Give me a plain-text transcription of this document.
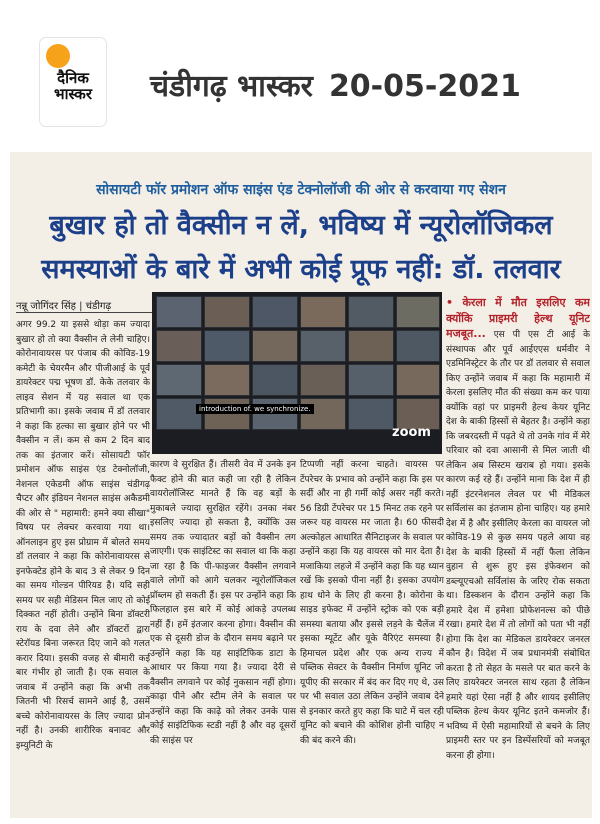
दैनिक भास्कर	चंडीगढ़ भास्कर 20-05-2021
सोसायटी फॉर प्रमोशन ऑफ साइंस एंड टेक्नोलॉजी की ओर से करवाया गए सेशन
बुखार हो तो वैक्सीन न लें, भविष्य में न्यूरोलॉजिकल
समस्याओं के बारे में अभी कोई प्रूफ नहीं: डॉ. तलवार
नन्नू जोगिंदर सिंह | चंडीगढ़
introduction of. we synchronize.
zoom
अगर 99.2 या इससे थोड़ा कम ज्यादा बुखार हो तो क्या वैक्सीन ले लेनी चाहिए। कोरोनावायरस पर पंजाब की कोविड-19 कमेटी के चेयरमैन और पीजीआई के पूर्व डायरेक्टर पद्म भूषण डॉ. केके तलवार के लाइव सेशन में यह सवाल था एक प्रतिभागी का। इसके जवाब में डॉ तलवार ने कहा कि हल्का सा बुखार होने पर भी वैक्सीन न लें। कम से कम 2 दिन बाद तक का इंतजार करें। सोसायटी फॉर प्रमोशन ऑफ साइंस एंड टेक्नोलॉजी, नेशनल एकेडमी ऑफ साइंस चंडीगढ़ चैप्टर और इंडियन नेशनल साइंस अकैडमी की ओर से " महामारी: हमने क्या सीखा" विषय पर लेक्चर करवाया गया था। ऑनलाइन हुए इस प्रोग्राम में बोलते समय डॉ तलवार ने कहा कि कोरोनावायरस से इनफेक्टेड होने के बाद 3 से लेकर 9 दिन का समय गोल्डन पीरियड है। यदि सही समय पर सही मेडिसन मिल जाए तो कोई दिक्कत नहीं होती। उन्होंने बिना डॉक्टरी राय के दवा लेने और डॉक्टरों द्वारा स्टेरॉयड बिना जरूरत दिए जाने को गलत करार दिया। इसकी वजह से बीमारी कई बार गंभीर हो जाती है। एक सवाल के जवाब में उन्होंने कहा कि अभी तक जितनी भी रिसर्च सामने आई है, उसमें बच्चे कोरोनावायरस के लिए ज्यादा प्रोन नहीं है। उनकी शारीरिक बनावट और इम्युनिटी के
कारण वे सुरक्षित हैं। तीसरी वेव में उनके इन फैक्ट होने की बात कही जा रही है लेकिन वायरोलॉजिस्ट मानते हैं कि वह बड़ों के मुकाबले ज्यादा सुरक्षित रहेंगे। उनका नंबर इसलिए ज्यादा हो सकता है, क्योंकि उस समय तक ज्यादातर बड़ों को वैक्सीन लग जाएगी। एक साइंटिस्ट का सवाल था कि कहा जा रहा है कि पी-फाइजर वैक्सीन लगवाने वाले लोगों को आगे चलकर न्यूरोलॉजिकल प्रॉब्लम हो सकती हैं। इस पर उन्होंने कहा कि फिलहाल इस बारे में कोई आंकड़े उपलब्ध नहीं हैं। हमें इंतजार करना होगा। वैक्सीन की एक से दूसरी डोज के दौरान समय बढ़ाने पर उन्होंने कहा कि यह साइंटिफिक डाटा के आधार पर किया गया है। ज्यादा देरी से वैक्सीन लगवाने पर कोई नुकसान नहीं होगा। काढ़ा पीने और स्टीम लेने के सवाल पर उन्होंने कहा कि काढ़े को लेकर उनके पास कोई साइंटिफिक स्टडी नहीं है और वह दूसरों की साइंस पर
टिप्पणी नहीं करना चाहते। वायरस पर टेंपरेचर के प्रभाव को उन्होंने कहा कि इस पर सर्दी और ना ही गर्मी कोई असर नहीं करते। 56 डिग्री टेंपरेचर पर 15 मिनट तक रहने पर जरूर यह वायरस मर जाता है। 60 फीसदी अल्कोहल आधारित सैनिटाइजर के सवाल पर उन्होंने कहा कि यह वायरस को मार देता है। मजाकिया लहजे में उन्होंने कहा कि यह ध्यान रखें कि इसको पीना नहीं है। इसका उपयोग हाथ धोने के लिए ही करना है। कोरोना के साइड इफेक्ट में उन्होंने स्ट्रोक को एक बड़ी समस्या बताया और इससे लड़ने के चैलेंज में इसका म्यूटेंट और यूके वैरिएंट समस्या है। हिमाचल प्रदेश और एक अन्य राज्य में पब्लिक सेक्टर के वैक्सीन निर्माण यूनिट जो यूपीए की सरकार में बंद कर दिए गए थे, उस पर भी सवाल उठा लेकिन उन्होंने जवाब देने से इनकार करते हुए कहा कि घाटे में चल रही यूनिट को बचाने की कोशिश होनी चाहिए न की बंद करने की।
• केरला में मौत इसलिए कम क्योंकि प्राइमरी हेल्थ यूनिट मजबूत... एस पी एस टी आई के संस्थापक और पूर्व आईएएस धर्मवीर ने एडमिनिस्ट्रेटर के तौर पर डॉ तलवार से सवाल किए उन्होंने जवाब में कहा कि महामारी में केरला इसलिए मौत की संख्या कम कर पाया क्योंकि वहां पर प्राइमरी हेल्थ केयर यूनिट देश के बाकी हिस्सों से बेहतर है। उन्होंने कहा कि जबरदस्ती में पढ़ते थे तो उनके गांव में मेरे परिवार को दवा आसानी से मिल जाती थी लेकिन अब सिस्टम खराब हो गया। इसके कारण कई रहे हैं। उन्होंने माना कि देश में ही नहीं इंटरनेशनल लेवल पर भी मेडिकल सर्विलांस का इंतजाम होना चाहिए। यह हमारे देश में है और इसीलिए केरला का वायरल जो कोविड-19 से कुछ समय पहले आया वह देश के बाकी हिस्सों में नहीं फैला लेकिन वुहान से शुरू हुए इस इंफेक्शन को डब्ल्यूएचओ सर्विलांस के जरिए रोक सकता था। डिस्कशन के दौरान उन्होंने कहा कि हमारे देश में हमेशा प्रोफेशनल्स को पीछे रखा। हमारे देश में तो लोगों को पता भी नहीं होगा कि देश का मेडिकल डायरेक्टर जनरल कौन है। विदेश में जब प्रधानमंत्री संबोधित करता है तो सेहत के मसले पर बात करने के लिए डायरेक्टर जनरल साथ रहता है लेकिन हमारे यहां ऐसा नहीं है और शायद इसीलिए पब्लिक हेल्थ केयर यूनिट इतने कमजोर हैं। भविष्य में ऐसी महामारियों से बचने के लिए प्राइमरी स्तर पर इन डिस्पेंसरियों को मजबूत करना ही होगा।
